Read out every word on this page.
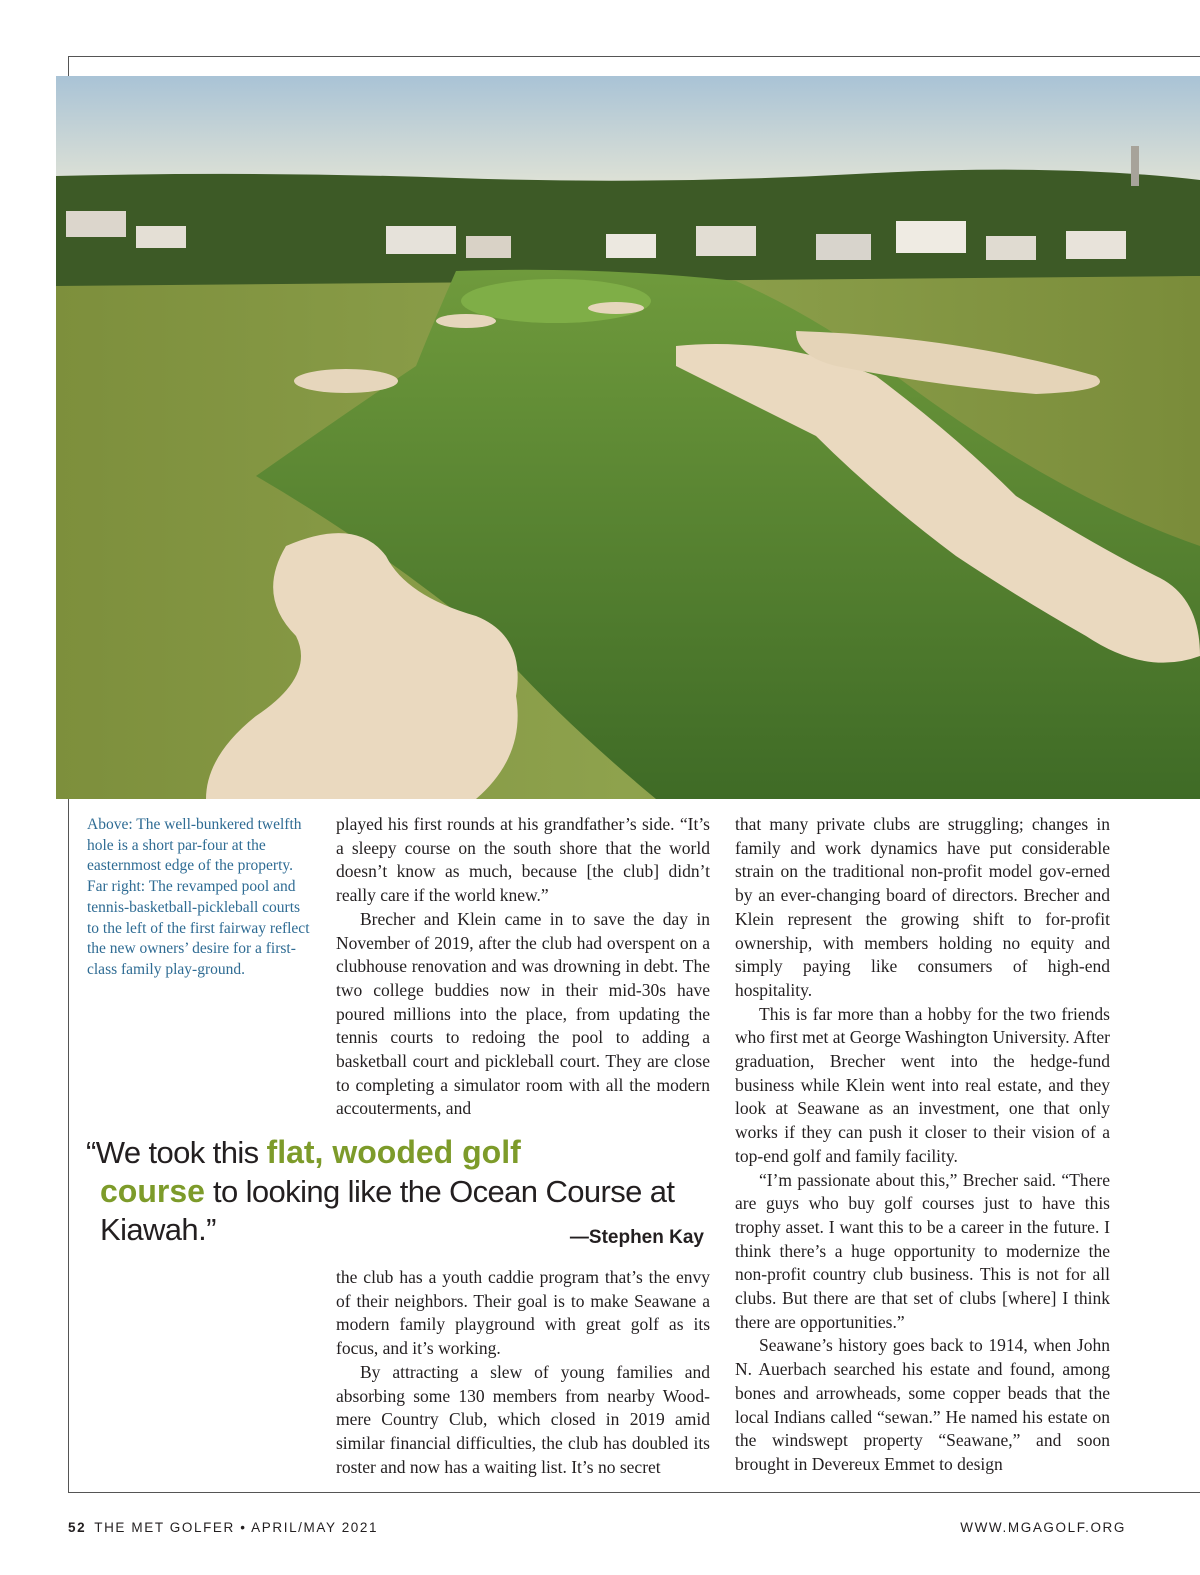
Above: The well-bunkered twelfth hole is a short par-four at the easternmost edge of the property. Far right: The revamped pool and tennis-basketball-pickleball courts to the left of the first fairway reflect the new owners’ desire for a first-class family play-ground.

played his first rounds at his grandfather’s side. “It’s a sleepy course on the south shore that the world doesn’t know as much, because [the club] didn’t really care if the world knew.”

Brecher and Klein came in to save the day in November of 2019, after the club had overspent on a clubhouse renovation and was drowning in debt. The two college buddies now in their mid-30s have poured millions into the place, from updating the tennis courts to redoing the pool to adding a basketball court and pickleball court. They are close to completing a simulator room with all the modern accouterments, and

“We took this flat, wooded golf
course to looking like the Ocean Course at
Kiawah.”	—Stephen Kay

the club has a youth caddie program that’s the envy of their neighbors. Their goal is to make Seawane a modern family playground with great golf as its focus, and it’s working.

By attracting a slew of young families and absorbing some 130 members from nearby Wood-mere Country Club, which closed in 2019 amid similar financial difficulties, the club has doubled its roster and now has a waiting list. It’s no secret

that many private clubs are struggling; changes in family and work dynamics have put considerable strain on the traditional non-profit model gov-erned by an ever-changing board of directors. Brecher and Klein represent the growing shift to for-profit ownership, with members holding no equity and simply paying like consumers of high-end hospitality.

This is far more than a hobby for the two friends who first met at George Washington University. After graduation, Brecher went into the hedge-fund business while Klein went into real estate, and they look at Seawane as an investment, one that only works if they can push it closer to their vision of a top-end golf and family facility.

“I’m passionate about this,” Brecher said. “There are guys who buy golf courses just to have this trophy asset. I want this to be a career in the future. I think there’s a huge opportunity to modernize the non-profit country club business. This is not for all clubs. But there are that set of clubs [where] I think there are opportunities.”

Seawane’s history goes back to 1914, when John N. Auerbach searched his estate and found, among bones and arrowheads, some copper beads that the local Indians called “sewan.” He named his estate on the windswept property “Seawane,” and soon brought in Devereux Emmet to design

52 THE MET GOLFER • APRIL/MAY 2021	WWW.MGAGOLF.ORG
